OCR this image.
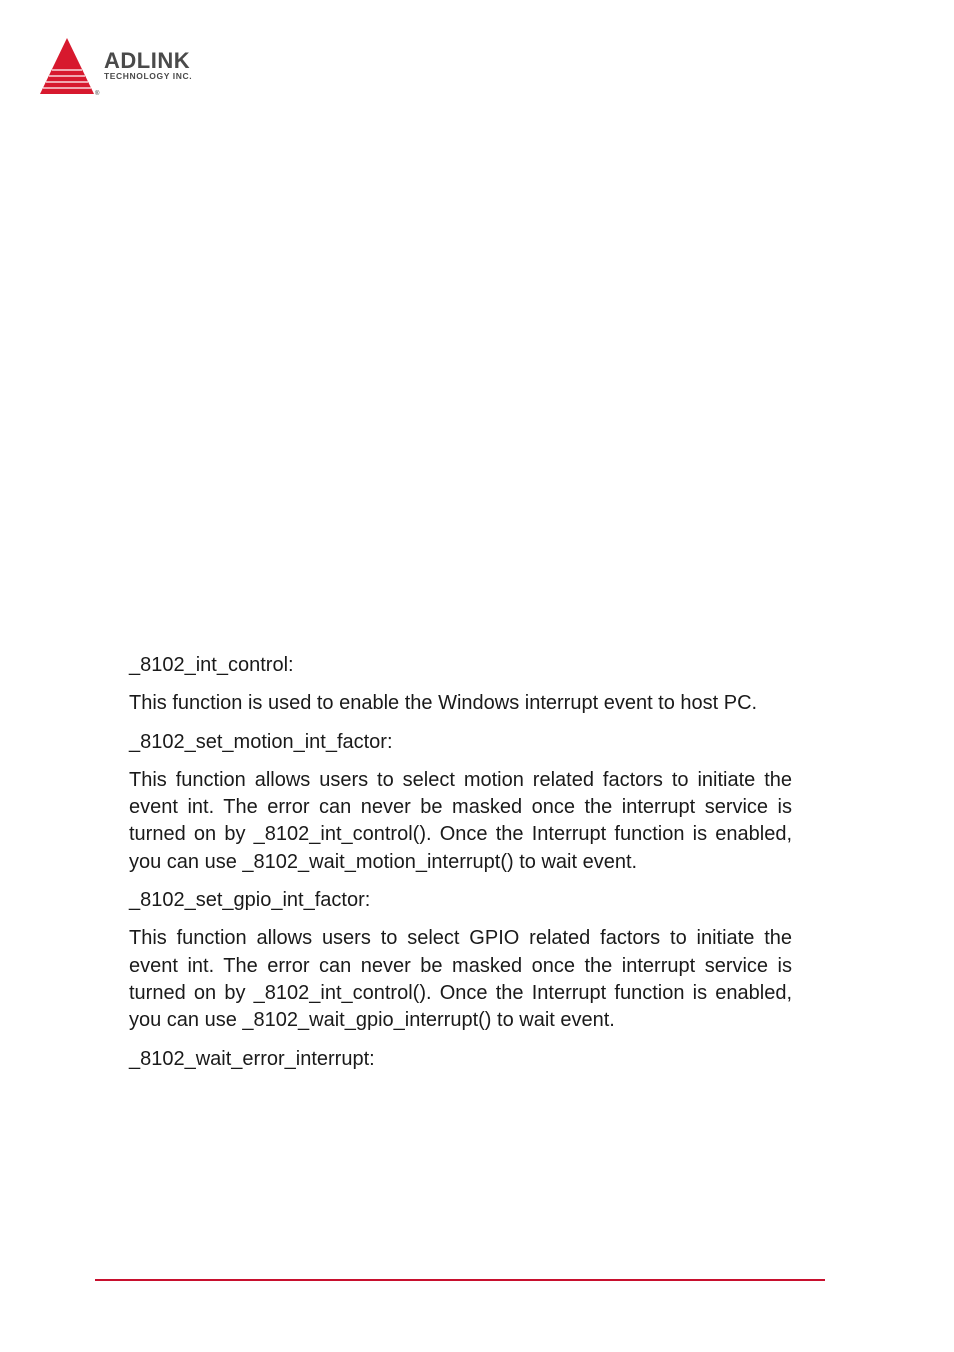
®
ADLINK
TECHNOLOGY INC.

_8102_int_control:

This function is used to enable the Windows interrupt event to host PC.

_8102_set_motion_int_factor:

This function allows users to select motion related factors to initiate the event int. The error can never be masked once the interrupt service is turned on by _8102_int_control(). Once the Interrupt function is enabled, you can use _8102_wait_motion_interrupt() to wait event.

_8102_set_gpio_int_factor:

This function allows users to select GPIO related factors to initiate the event int. The error can never be masked once the interrupt service is turned on by _8102_int_control(). Once the Interrupt function is enabled, you can use _8102_wait_gpio_interrupt() to wait event.

_8102_wait_error_interrupt:
